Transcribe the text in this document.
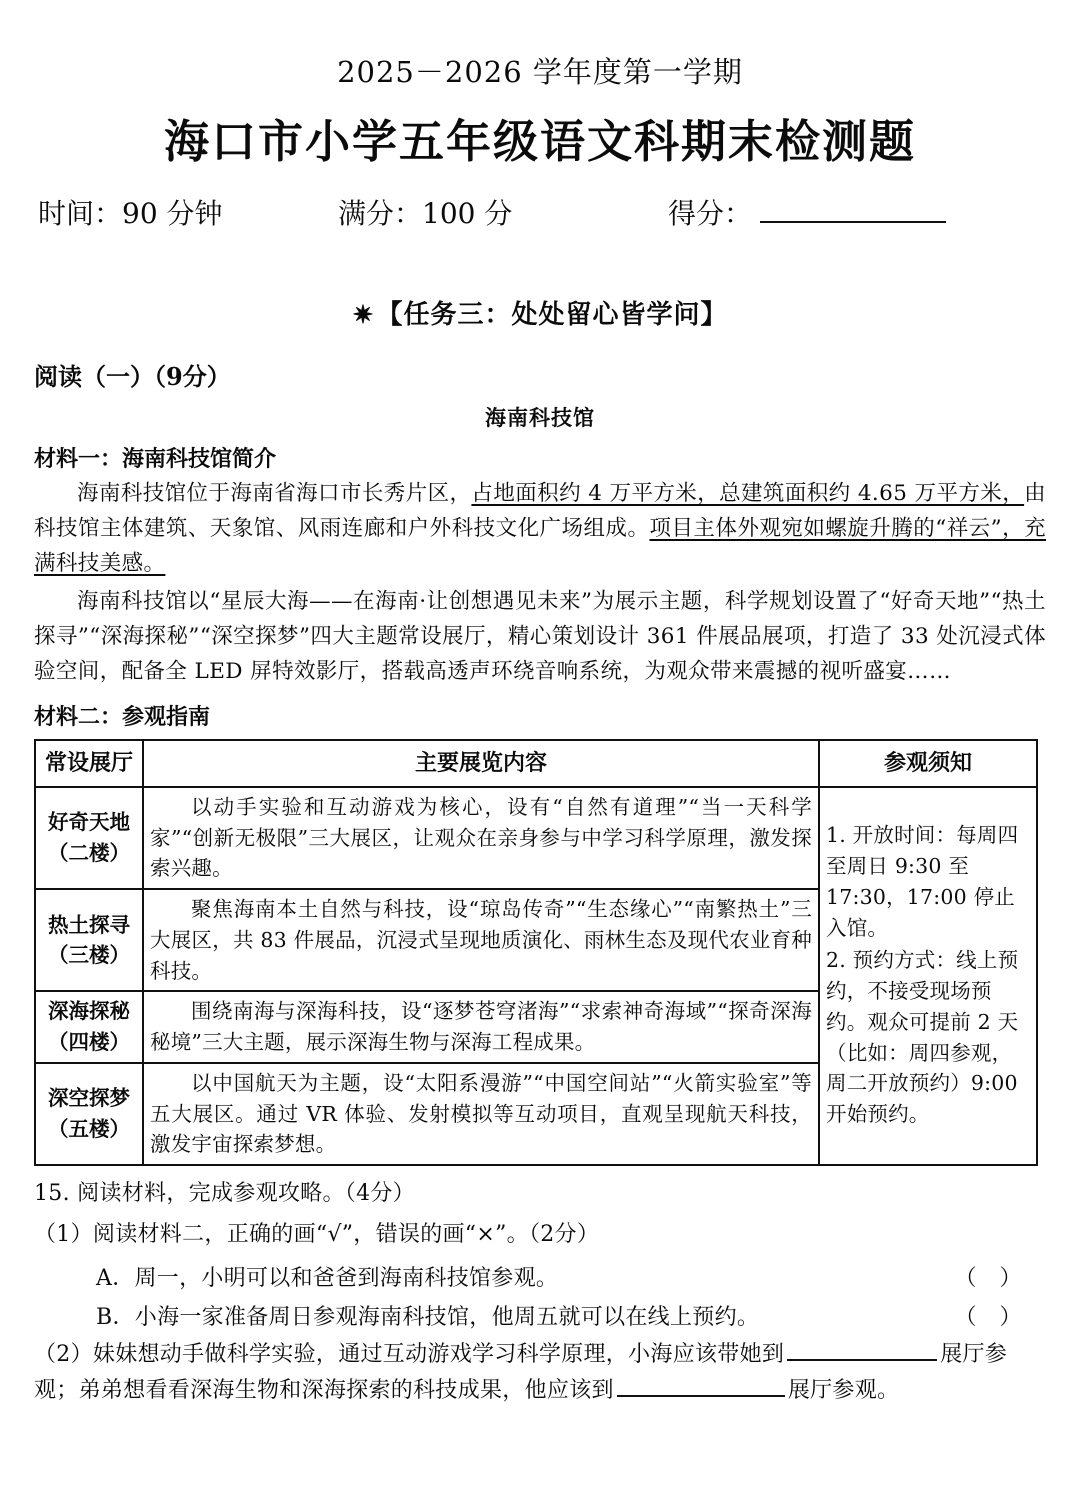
2025－2026 学年度第一学期
海口市小学五年级语文科期末检测题
时间：90 分钟	满分：100 分	得分：
✷【任务三：处处留心皆学问】
阅读（一）（9分）
海南科技馆
材料一：海南科技馆简介

海南科技馆位于海南省海口市长秀片区，占地面积约 4 万平方米，总建筑面积约 4.65 万平方米，由科技馆主体建筑、天象馆、风雨连廊和户外科技文化广场组成。项目主体外观宛如螺旋升腾的“祥云”，充满科技美感。

海南科技馆以“星辰大海——在海南·让创想遇见未来”为展示主题，科学规划设置了“好奇天地”“热土探寻”“深海探秘”“深空探梦”四大主题常设展厅，精心策划设计 361 件展品展项，打造了 33 处沉浸式体验空间，配备全 LED 屏特效影厅，搭载高透声环绕音响系统，为观众带来震撼的视听盛宴……

材料二：参观指南
常设展厅	主要展览内容	参观须知
好奇天地
（二楼）	以动手实验和互动游戏为核心，设有“自然有道理”“当一天科学家”“创新无极限”三大展区，让观众在亲身参与中学习科学原理，激发探索兴趣。	
1. 开放时间：每周四至周日 9:30 至 17:30，17:00 停止入馆。
2. 预约方式：线上预约，不接受现场预约。观众可提前 2 天（比如：周四参观，周二开放预约）9:00 开始预约。

热土探寻
（三楼）	聚焦海南本土自然与科技，设“琼岛传奇”“生态缘心”“南繁热土”三大展区，共 83 件展品，沉浸式呈现地质演化、雨林生态及现代农业育种科技。	
深海探秘
（四楼）	围绕南海与深海科技，设“逐梦苍穹渚海”“求索神奇海域”“探奇深海秘境”三大主题，展示深海生物与深海工程成果。	
深空探梦
（五楼）	以中国航天为主题，设“太阳系漫游”“中国空间站”“火箭实验室”等五大展区。通过 VR 体验、发射模拟等互动项目，直观呈现航天科技，激发宇宙探索梦想。	
15. 阅读材料，完成参观攻略。（4分）
（1）阅读材料二，正确的画“√”，错误的画“×”。（2分）
A．周一，小明可以和爸爸到海南科技馆参观。	（ ）
B．小海一家准备周日参观海南科技馆，他周五就可以在线上预约。	（ ）
（2）妹妹想动手做科学实验，通过互动游戏学习科学原理，小海应该带她到	展厅参观；弟弟想看看深海生物和深海探索的科技成果，他应该到	展厅参观。
